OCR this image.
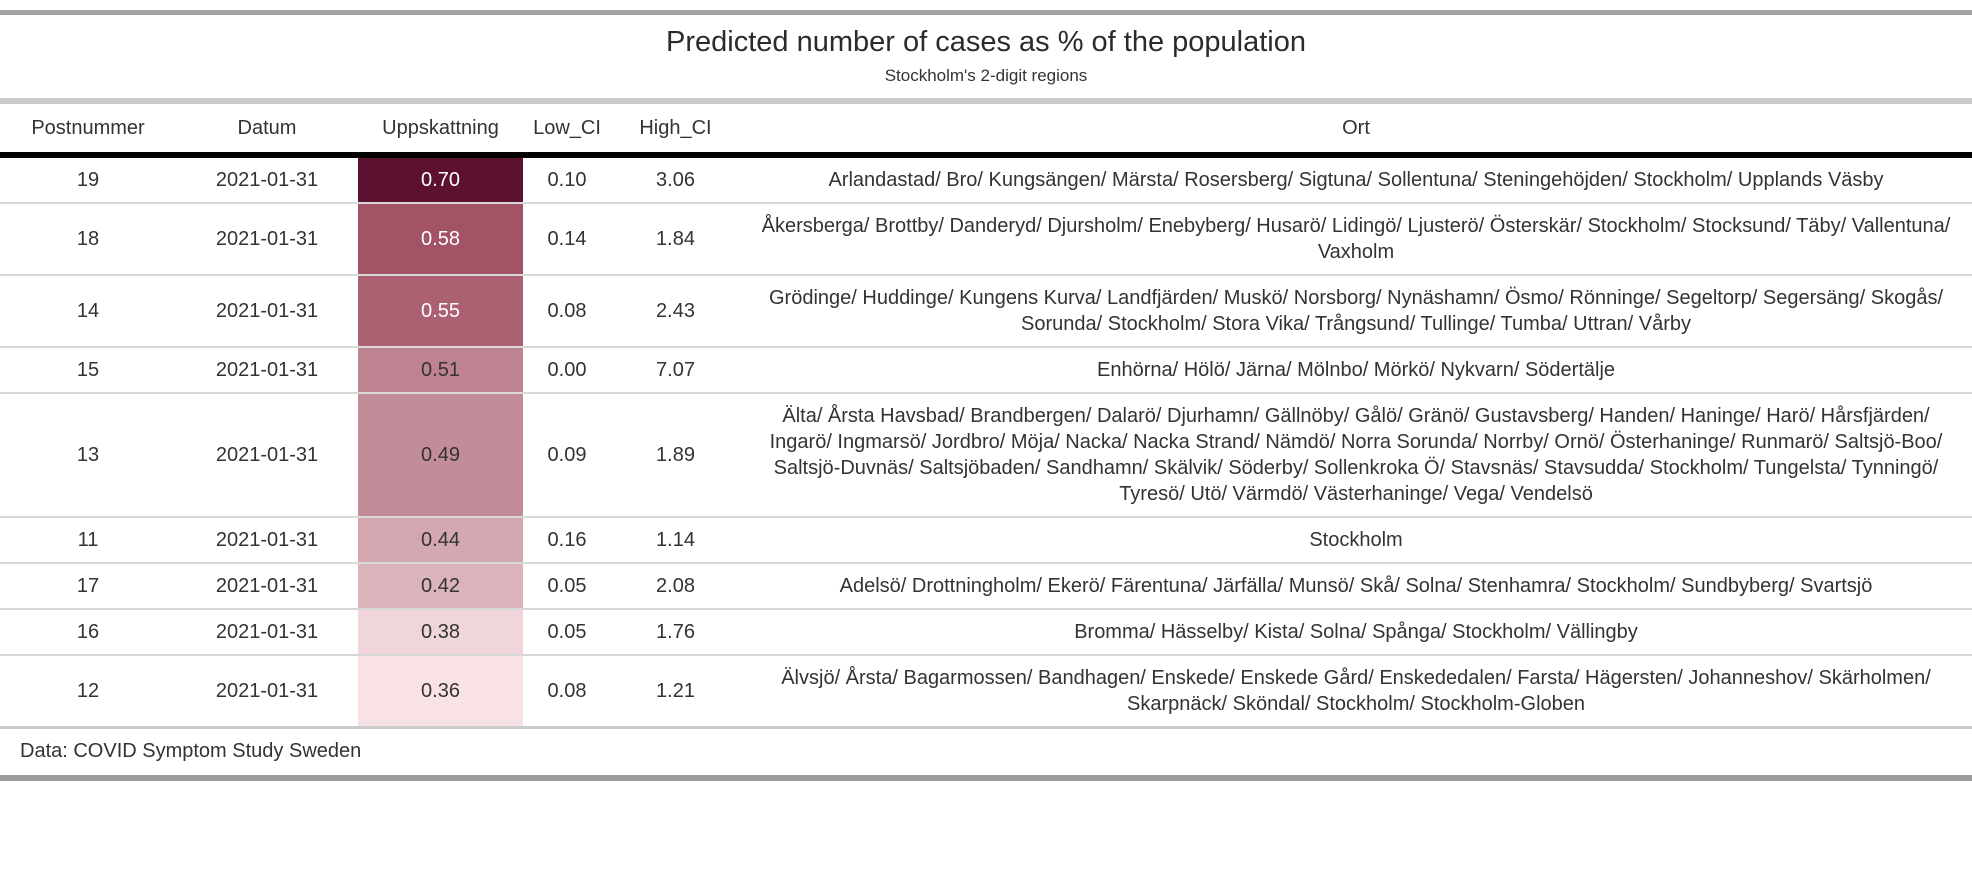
Predicted number of cases as % of the population
Stockholm's 2-digit regions
Postnummer	Datum	Uppskattning	Low_CI	High_CI	Ort
19	2021-01-31	0.70	0.10	3.06	Arlandastad/ Bro/ Kungsängen/ Märsta/ Rosersberg/ Sigtuna/ Sollentuna/ Steningehöjden/ Stockholm/ Upplands Väsby
18	2021-01-31	0.58	0.14	1.84	Åkersberga/ Brottby/ Danderyd/ Djursholm/ Enebyberg/ Husarö/ Lidingö/ Ljusterö/ Österskär/ Stockholm/ Stocksund/ Täby/ Vallentuna/ Vaxholm
14	2021-01-31	0.55	0.08	2.43	Grödinge/ Huddinge/ Kungens Kurva/ Landfjärden/ Muskö/ Norsborg/ Nynäshamn/ Ösmo/ Rönninge/ Segeltorp/ Segersäng/ Skogås/ Sorunda/ Stockholm/ Stora Vika/ Trångsund/ Tullinge/ Tumba/ Uttran/ Vårby
15	2021-01-31	0.51	0.00	7.07	Enhörna/ Hölö/ Järna/ Mölnbo/ Mörkö/ Nykvarn/ Södertälje
13	2021-01-31	0.49	0.09	1.89	Älta/ Årsta Havsbad/ Brandbergen/ Dalarö/ Djurhamn/ Gällnöby/ Gålö/ Gränö/ Gustavsberg/ Handen/ Haninge/ Harö/ Hårsfjärden/ Ingarö/ Ingmarsö/ Jordbro/ Möja/ Nacka/ Nacka Strand/ Nämdö/ Norra Sorunda/ Norrby/ Ornö/ Österhaninge/ Runmarö/ Saltsjö-Boo/ Saltsjö-Duvnäs/ Saltsjöbaden/ Sandhamn/ Skälvik/ Söderby/ Sollenkroka Ö/ Stavsnäs/ Stavsudda/ Stockholm/ Tungelsta/ Tynningö/ Tyresö/ Utö/ Värmdö/ Västerhaninge/ Vega/ Vendelsö
11	2021-01-31	0.44	0.16	1.14	Stockholm
17	2021-01-31	0.42	0.05	2.08	Adelsö/ Drottningholm/ Ekerö/ Färentuna/ Järfälla/ Munsö/ Skå/ Solna/ Stenhamra/ Stockholm/ Sundbyberg/ Svartsjö
16	2021-01-31	0.38	0.05	1.76	Bromma/ Hässelby/ Kista/ Solna/ Spånga/ Stockholm/ Vällingby
12	2021-01-31	0.36	0.08	1.21	Älvsjö/ Årsta/ Bagarmossen/ Bandhagen/ Enskede/ Enskede Gård/ Enskededalen/ Farsta/ Hägersten/ Johanneshov/ Skärholmen/ Skarpnäck/ Sköndal/ Stockholm/ Stockholm-Globen
Data: COVID Symptom Study Sweden
